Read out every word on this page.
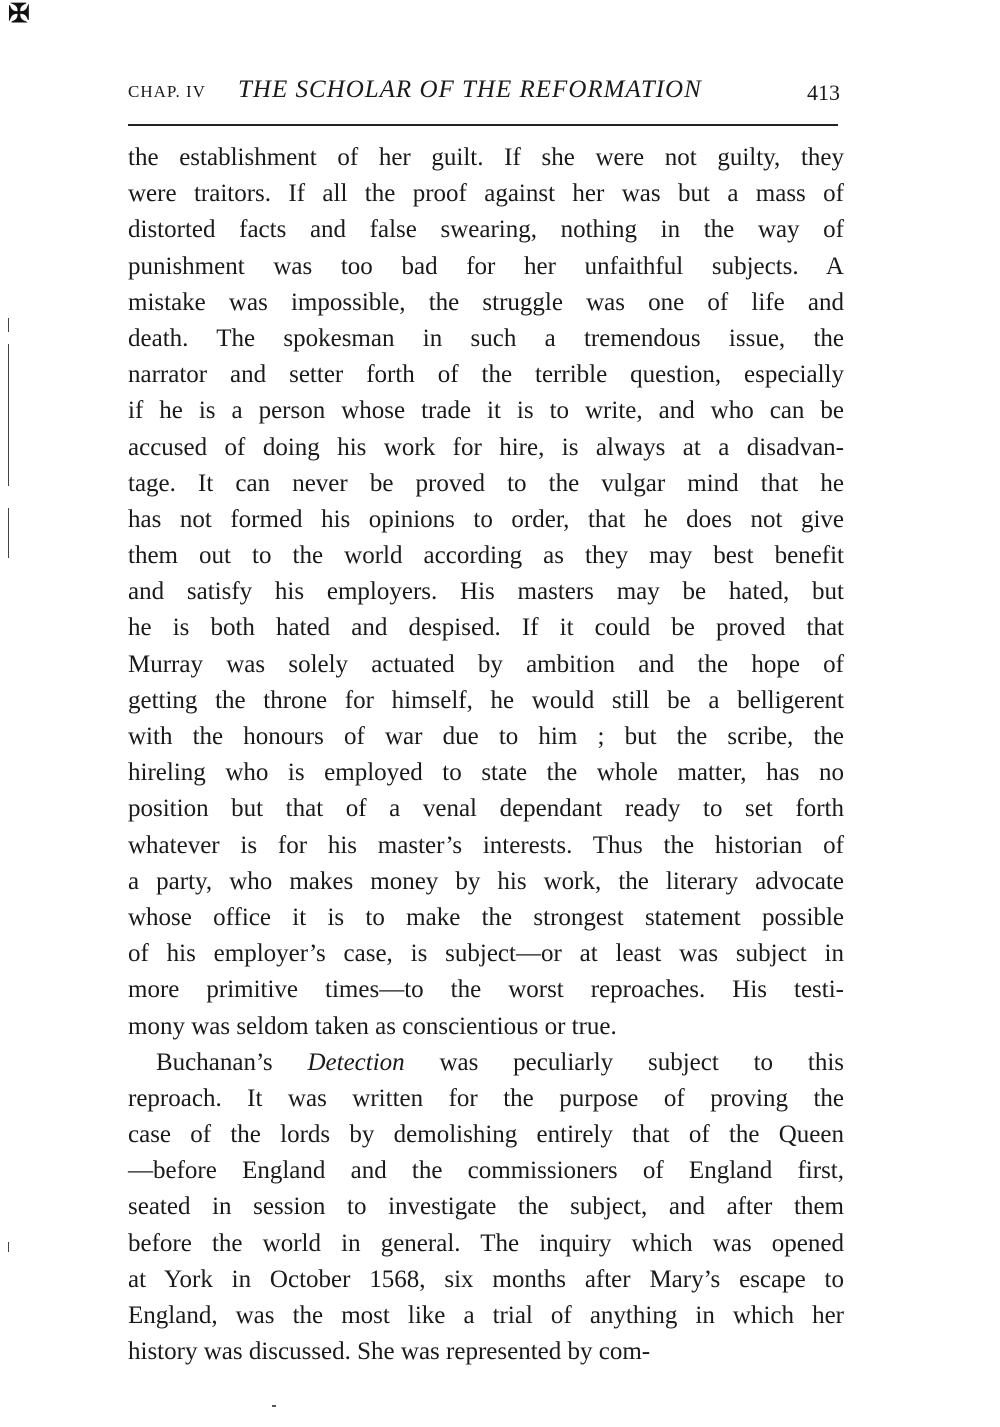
✠
CHAP. IV THE SCHOLAR OF THE REFORMATION	413
the establishment of her guilt. If she were not guilty, they
were traitors. If all the proof against her was but a mass of
distorted facts and false swearing, nothing in the way of
punishment was too bad for her unfaithful subjects. A
mistake was impossible, the struggle was one of life and
death. The spokesman in such a tremendous issue, the
narrator and setter forth of the terrible question, especially
if he is a person whose trade it is to write, and who can be
accused of doing his work for hire, is always at a disadvan-
tage. It can never be proved to the vulgar mind that he
has not formed his opinions to order, that he does not give
them out to the world according as they may best benefit
and satisfy his employers. His masters may be hated, but
he is both hated and despised. If it could be proved that
Murray was solely actuated by ambition and the hope of
getting the throne for himself, he would still be a belligerent
with the honours of war due to him ; but the scribe, the
hireling who is employed to state the whole matter, has no
position but that of a venal dependant ready to set forth
whatever is for his master’s interests. Thus the historian of
a party, who makes money by his work, the literary advocate
whose office it is to make the strongest statement possible
of his employer’s case, is subject—or at least was subject in
more primitive times—to the worst reproaches. His testi-
mony was seldom taken as conscientious or true.
Buchanan’s Detection was peculiarly subject to this
reproach. It was written for the purpose of proving the
case of the lords by demolishing entirely that of the Queen
—before England and the commissioners of England first,
seated in session to investigate the subject, and after them
before the world in general. The inquiry which was opened
at York in October 1568, six months after Mary’s escape to
England, was the most like a trial of anything in which her
history was discussed. She was represented by com-
